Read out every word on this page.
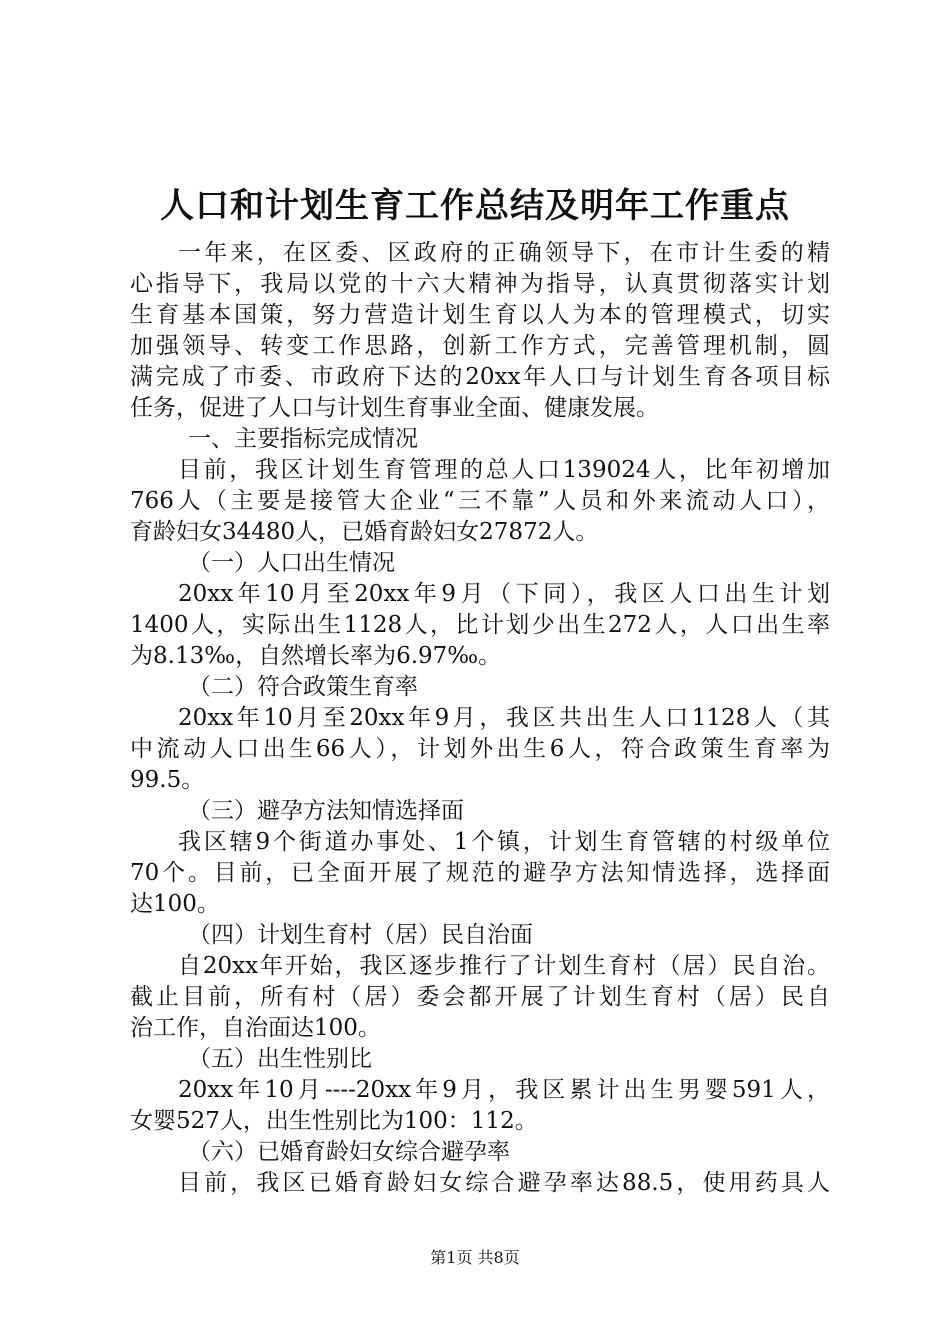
人口和计划生育工作总结及明年工作重点
一年来，在区委、区政府的正确领导下，在市计生委的精
心指导下，我局以党的十六大精神为指导，认真贯彻落实计划
生育基本国策，努力营造计划生育以人为本的管理模式，切实
加强领导、转变工作思路，创新工作方式，完善管理机制，圆
满完成了市委、市政府下达的20xx年人口与计划生育各项目标
任务，促进了人口与计划生育事业全面、健康发展。
一、主要指标完成情况
目前，我区计划生育管理的总人口139024人，比年初增加
766人（主要是接管大企业“三不靠”人员和外来流动人口），
育龄妇女34480人，已婚育龄妇女27872人。
（一）人口出生情况
20xx年10月至20xx年9月（下同），我区人口出生计划
1400人，实际出生1128人，比计划少出生272人，人口出生率
为8.13‰，自然增长率为6.97‰。
（二）符合政策生育率
20xx年10月至20xx年9月，我区共出生人口1128人（其
中流动人口出生66人），计划外出生6人，符合政策生育率为
99.5。
（三）避孕方法知情选择面
我区辖9个街道办事处、1个镇，计划生育管辖的村级单位
70个。目前，已全面开展了规范的避孕方法知情选择，选择面
达100。
（四）计划生育村（居）民自治面
自20xx年开始，我区逐步推行了计划生育村（居）民自治。
截止目前，所有村（居）委会都开展了计划生育村（居）民自
治工作，自治面达100。
（五）出生性别比
20xx年10月----20xx年9月，我区累计出生男婴591人，
女婴527人，出生性别比为100：112。
（六）已婚育龄妇女综合避孕率
目前，我区已婚育龄妇女综合避孕率达88.5，使用药具人
第1页 共8页
